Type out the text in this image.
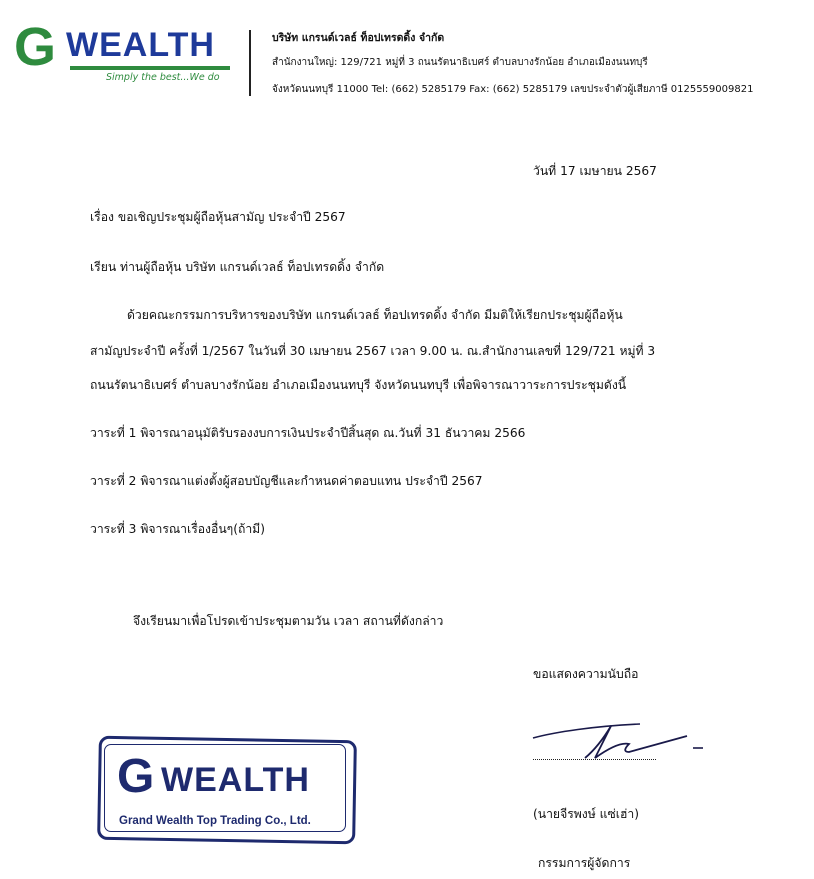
G WEALTH
Simply the best...We do
บริษัท แกรนด์เวลธ์ ท็อปเทรดดิ้ง จำกัด
สำนักงานใหญ่: 129/721 หมู่ที่ 3 ถนนรัตนาธิเบศร์ ตำบลบางรักน้อย อำเภอเมืองนนทบุรี
จังหวัดนนทบุรี 11000 Tel: (662) 5285179 Fax: (662) 5285179 เลขประจำตัวผู้เสียภาษี 0125559009821
วันที่ 17 เมษายน 2567
เรื่อง ขอเชิญประชุมผู้ถือหุ้นสามัญ ประจำปี 2567
เรียน ท่านผู้ถือหุ้น บริษัท แกรนด์เวลธ์ ท็อปเทรดดิ้ง จำกัด
ด้วยคณะกรรมการบริหารของบริษัท แกรนด์เวลธ์ ท็อปเทรดดิ้ง จำกัด มีมติให้เรียกประชุมผู้ถือหุ้น
สามัญประจำปี ครั้งที่ 1/2567 ในวันที่ 30 เมษายน 2567 เวลา 9.00 น. ณ.สำนักงานเลขที่ 129/721 หมู่ที่ 3
ถนนรัตนาธิเบศร์ ตำบลบางรักน้อย อำเภอเมืองนนทบุรี จังหวัดนนทบุรี เพื่อพิจารณาวาระการประชุมดังนี้
วาระที่ 1 พิจารณาอนุมัติรับรองงบการเงินประจำปีสิ้นสุด ณ.วันที่ 31 ธันวาคม 2566
วาระที่ 2 พิจารณาแต่งตั้งผู้สอบบัญชีและกำหนดค่าตอบแทน ประจำปี 2567
วาระที่ 3 พิจารณาเรื่องอื่นๆ(ถ้ามี)
จึงเรียนมาเพื่อโปรดเข้าประชุมตามวัน เวลา สถานที่ดังกล่าว
ขอแสดงความนับถือ
(นายจีรพงษ์ แซ่เฮ่า)
กรรมการผู้จัดการ
G WEALTH
Grand Wealth Top Trading Co., Ltd.
